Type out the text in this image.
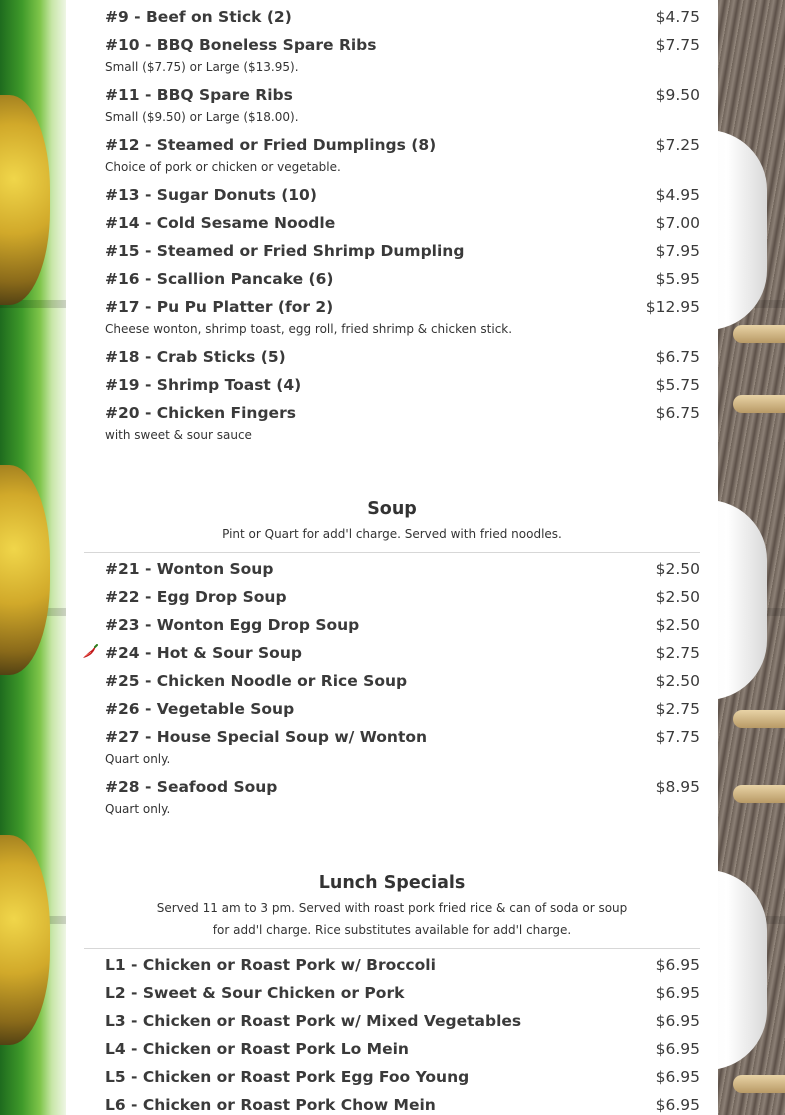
#9 - Beef on Stick (2)	$4.75
#10 - BBQ Boneless Spare Ribs	$7.75
Small ($7.75) or Large ($13.95).
#11 - BBQ Spare Ribs	$9.50
Small ($9.50) or Large ($18.00).
#12 - Steamed or Fried Dumplings (8)	$7.25
Choice of pork or chicken or vegetable.
#13 - Sugar Donuts (10)	$4.95
#14 - Cold Sesame Noodle	$7.00
#15 - Steamed or Fried Shrimp Dumpling	$7.95
#16 - Scallion Pancake (6)	$5.95
#17 - Pu Pu Platter (for 2)	$12.95
Cheese wonton, shrimp toast, egg roll, fried shrimp & chicken stick.
#18 - Crab Sticks (5)	$6.75
#19 - Shrimp Toast (4)	$5.75
#20 - Chicken Fingers	$6.75
with sweet & sour sauce
Soup
Pint or Quart for add'l charge. Served with fried noodles.
#21 - Wonton Soup	$2.50
#22 - Egg Drop Soup	$2.50
#23 - Wonton Egg Drop Soup	$2.50
#24 - Hot & Sour Soup	$2.75
#25 - Chicken Noodle or Rice Soup	$2.50
#26 - Vegetable Soup	$2.75
#27 - House Special Soup w/ Wonton	$7.75
Quart only.
#28 - Seafood Soup	$8.95
Quart only.
Lunch Specials
Served 11 am to 3 pm. Served with roast pork fried rice & can of soda or soup
for add'l charge. Rice substitutes available for add'l charge.
L1 - Chicken or Roast Pork w/ Broccoli	$6.95
L2 - Sweet & Sour Chicken or Pork	$6.95
L3 - Chicken or Roast Pork w/ Mixed Vegetables	$6.95
L4 - Chicken or Roast Pork Lo Mein	$6.95
L5 - Chicken or Roast Pork Egg Foo Young	$6.95
L6 - Chicken or Roast Pork Chow Mein	$6.95
